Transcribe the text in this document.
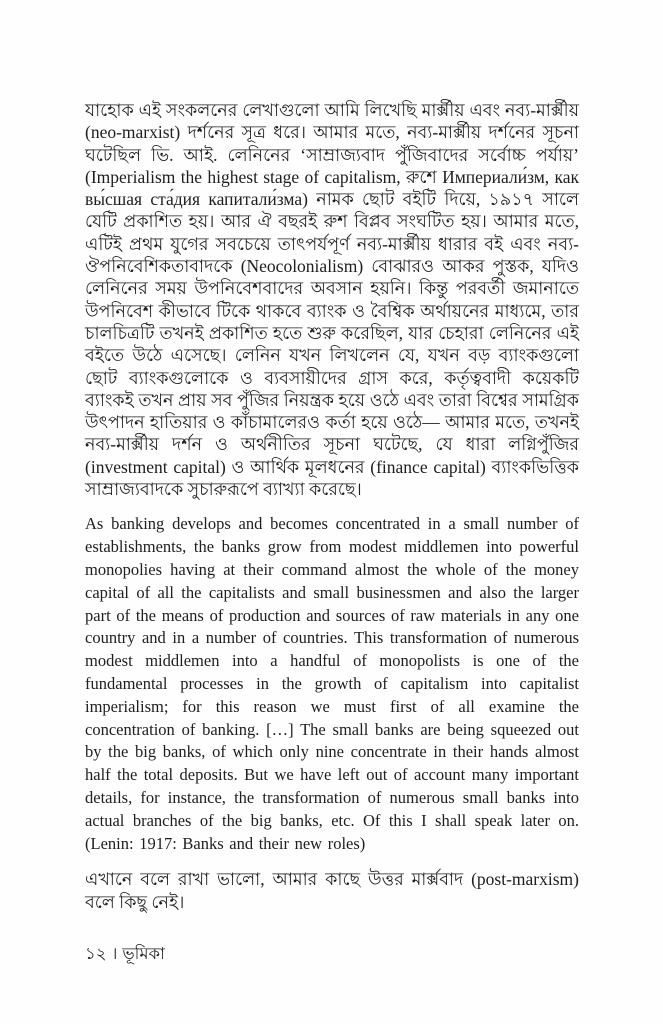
যাহোক এই সংকলনের লেখাগুলো আমি লিখেছি মার্ক্সীয় এবং নব্য-মার্ক্সীয় (neo-marxist) দর্শনের সূত্র ধরে। আমার মতে, নব্য-মার্ক্সীয় দর্শনের সূচনা ঘটেছিল ভি. আই. লেনিনের ‘সাম্রাজ্যবাদ পুঁজিবাদের সর্বোচ্চ পর্যায়’ (Imperialism the highest stage of capitalism, রুশে Империали́зм, как вы́сшая ста́дия капитали́зма) নামক ছোট বইটি দিয়ে, ১৯১৭ সালে যেটি প্রকাশিত হয়। আর ঐ বছরই রুশ বিপ্লব সংঘটিত হয়। আমার মতে, এটিই প্রথম যুগের সবচেয়ে তাৎপর্যপূর্ণ নব্য-মার্ক্সীয় ধারার বই এবং নব্য-ঔপনিবেশিকতাবাদকে (Neocolonialism) বোঝারও আকর পুস্তক, যদিও লেনিনের সময় উপনিবেশবাদের অবসান হয়নি। কিন্তু পরবর্তী জমানাতে উপনিবেশ কীভাবে টিকে থাকবে ব্যাংক ও বৈশ্বিক অর্থায়নের মাধ্যমে, তার চালচিত্রটি তখনই প্রকাশিত হতে শুরু করেছিল, যার চেহারা লেনিনের এই বইতে উঠে এসেছে। লেনিন যখন লিখলেন যে, যখন বড় ব্যাংকগুলো ছোট ব্যাংকগুলোকে ও ব্যবসায়ীদের গ্রাস করে, কর্তৃত্ববাদী কয়েকটি ব্যাংকই তখন প্রায় সব পুঁজির নিয়ন্ত্রক হয়ে ওঠে এবং তারা বিশ্বের সামগ্রিক উৎপাদন হাতিয়ার ও কাঁচামালেরও কর্তা হয়ে ওঠে— আমার মতে, তখনই নব্য-মার্ক্সীয় দর্শন ও অর্থনীতির সূচনা ঘটেছে, যে ধারা লগ্নিপুঁজির (investment capital) ও আর্থিক মূলধনের (finance capital) ব্যাংকভিত্তিক সাম্রাজ্যবাদকে সুচারুরূপে ব্যাখ্যা করেছে।

As banking develops and becomes concentrated in a small number of establishments, the banks grow from modest middlemen into powerful monopolies having at their command almost the whole of the money capital of all the capitalists and small businessmen and also the larger part of the means of production and sources of raw materials in any one country and in a number of countries. This transformation of numerous modest middlemen into a handful of monopolists is one of the fundamental processes in the growth of capitalism into capitalist imperialism; for this reason we must first of all examine the concentration of banking. […] The small banks are being squeezed out by the big banks, of which only nine concentrate in their hands almost half the total deposits. But we have left out of account many important details, for instance, the transformation of numerous small banks into actual branches of the big banks, etc. Of this I shall speak later on. (Lenin: 1917: Banks and their new roles)

এখানে বলে রাখা ভালো, আমার কাছে উত্তর মার্ক্সবাদ (post-marxism) বলে কিছু নেই।

১২ । ভূমিকা
